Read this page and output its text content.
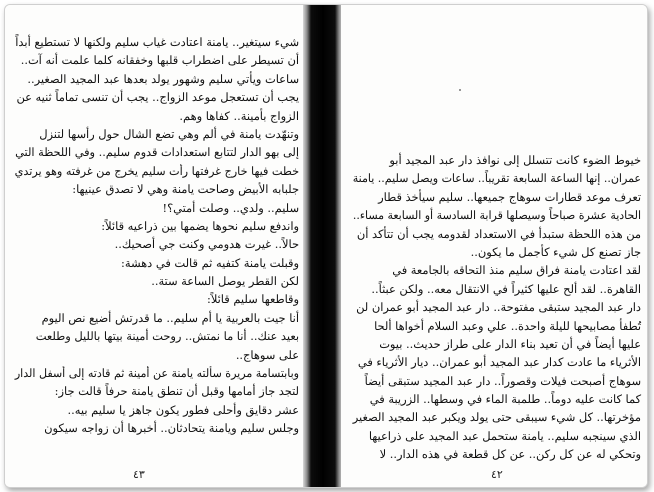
شيء سيتغير.. يامنة اعتادت غياب سليم ولكنها لا تستطيع أبداً
أن تسيطر على اضطراب قلبها وخفقانه كلما علمت أنه آت..
ساعات ويأتي سليم وشهور يولد بعدها عبد المجيد الصغير..
يجب أن تستعجل موعد الزواج.. يجب أن تنسى تماماً ثنيه عن
الزواج بأمينة.. كفاها وهم.
وتنهّدت يامنة في ألم وهي تضع الشال حول رأسها لتنزل
إلى بهو الدار لتتابع استعدادات قدوم سليم.. وفي اللحظة التي
خطت فيها خارج غرفتها رأت سليم يخرج من غرفته وهو يرتدي
جلبابه الأبيض وصاحت يامنة وهي لا تصدق عينيها:
سليم.. ولدي.. وصلت أمتي؟!
واندفع سليم نحوها يضمها بين ذراعيه قائلاً:
حالاً.. غيرت هدومي وكنت جي أصحيك..
وقبلت يامنة كتفيه ثم قالت في دهشة:
لكن القطر يوصل الساعة ستة..
وقاطعها سليم قائلاً:
أنا جيت بالعربية يا أم سليم.. ما قدرتش أضيع نص اليوم
بعيد عنك.. أنا ما نمتش.. روحت أمينة بيتها بالليل وطلعت
على سوهاج..
وبابتسامة مريرة سألته يامنة عن أمينة ثم قادته إلى أسفل الدار
لتجد جاز أمامها وقبل أن تنطق يامنة حرفاً قالت جاز:
عشر دقايق وأحلى فطور يكون جاهز يا سليم بيه..
وجلس سليم ويامنة يتحادثان.. أخبرها أن زواجه سيكون
٤٣
خيوط الضوء كانت تتسلل إلى نوافذ دار عبد المجيد أبو
عمران.. إنها الساعة السابعة تقريباً.. ساعات ويصل سليم.. يامنة
تعرف موعد قطارات سوهاج جميعها.. سليم سيأخذ قطار
الحادية عشرة صباحاً وسيصلها قرابة السادسة أو السابعة مساء..
من هذه اللحظة ستبدأ في الاستعداد لقدومه يجب أن تتأكد أن
جاز تصنع كل شيء كأجمل ما يكون..
لقد اعتادت يامنة فراق سليم منذ التحاقه بالجامعة في
القاهرة.. لقد ألح عليها كثيراً في الانتقال معه.. ولكن عبثاً..
دار عبد المجيد ستبقى مفتوحة.. دار عبد المجيد أبو عمران لن
تُطفأ مصابيحها لليلة واحدة.. علي وعبد السلام أخواها ألحا
عليها أيضاً في أن تعيد بناء الدار على طراز حديث.. بيوت
الأثرياء ما عادت كدار عبد المجيد أبو عمران.. ديار الأثرياء في
سوهاج أصبحت فيلات وقصوراً.. دار عبد المجيد ستبقى أيضاً
كما كانت عليه دوماً.. طلمبة الماء في وسطها.. الزريبة في
مؤخرتها.. كل شيء سيبقى حتى يولد ويكبر عبد المجيد الصغير
الذي سينجبه سليم.. يامنة ستحمل عبد المجيد على ذراعيها
وتحكي له عن كل ركن.. عن كل قطعة في هذه الدار.. لا
٤٢
